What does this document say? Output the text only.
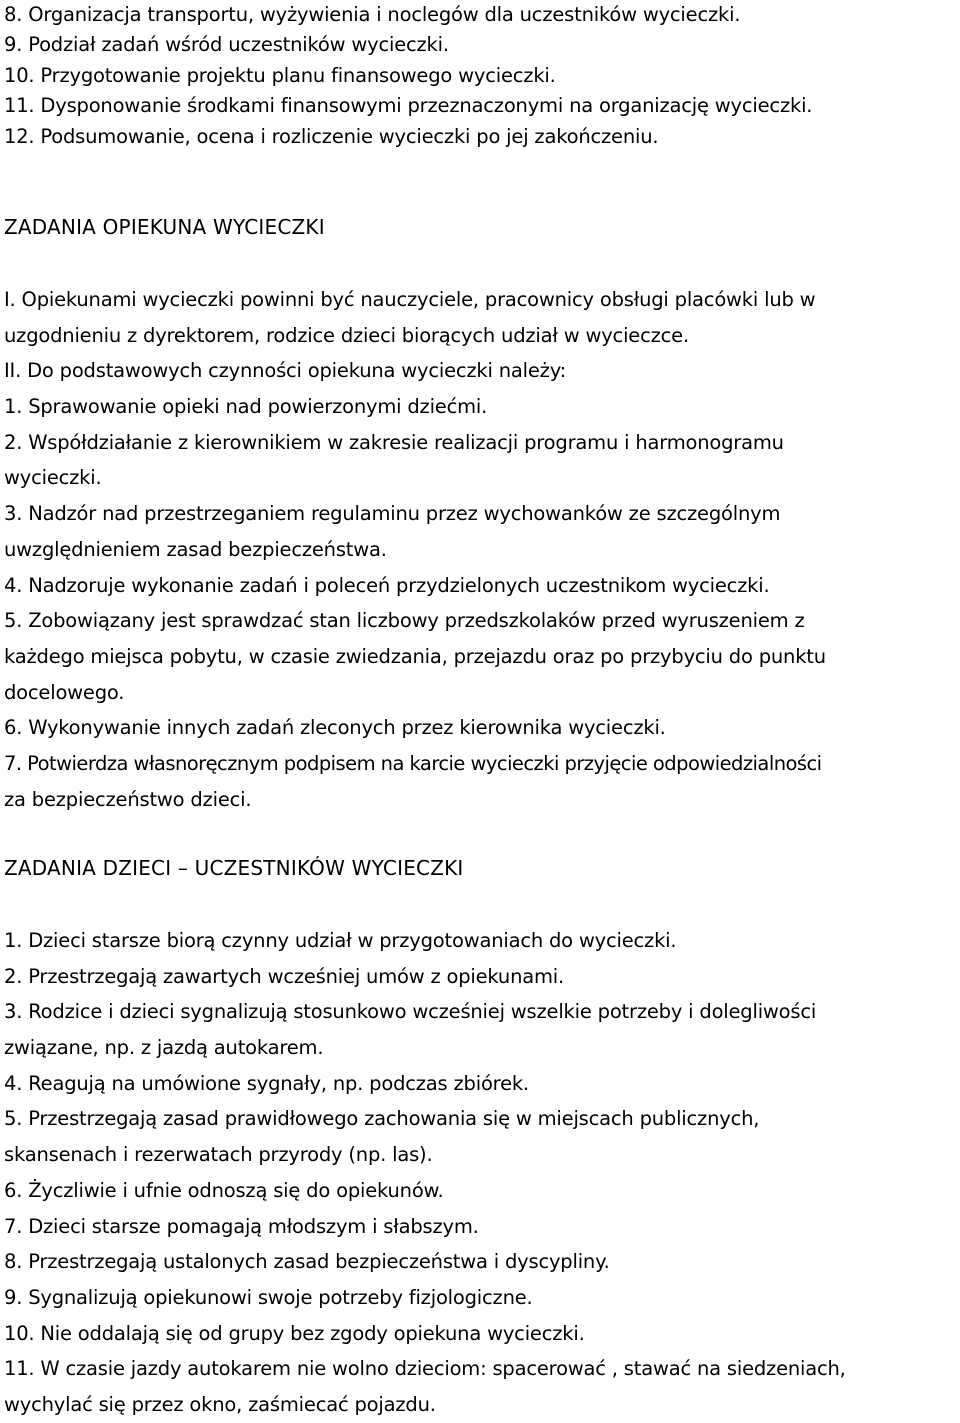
8. Organizacja transportu, wyżywienia i noclegów dla uczestników wycieczki.
9. Podział zadań wśród uczestników wycieczki.
10. Przygotowanie projektu planu finansowego wycieczki.
11. Dysponowanie środkami finansowymi przeznaczonymi na organizację wycieczki.
12. Podsumowanie, ocena i rozliczenie wycieczki po jej zakończeniu.
ZADANIA OPIEKUNA WYCIECZKI
I. Opiekunami wycieczki powinni być nauczyciele, pracownicy obsługi placówki lub w
uzgodnieniu z dyrektorem, rodzice dzieci biorących udział w wycieczce.
II. Do podstawowych czynności opiekuna wycieczki należy:
1. Sprawowanie opieki nad powierzonymi dziećmi.
2. Współdziałanie z kierownikiem w zakresie realizacji programu i harmonogramu
wycieczki.
3. Nadzór nad przestrzeganiem regulaminu przez wychowanków ze szczególnym
uwzględnieniem zasad bezpieczeństwa.
4. Nadzoruje wykonanie zadań i poleceń przydzielonych uczestnikom wycieczki.
5. Zobowiązany jest sprawdzać stan liczbowy przedszkolaków przed wyruszeniem z
każdego miejsca pobytu, w czasie zwiedzania, przejazdu oraz po przybyciu do punktu
docelowego.
6. Wykonywanie innych zadań zleconych przez kierownika wycieczki.
7. Potwierdza własnoręcznym podpisem na karcie wycieczki przyjęcie odpowiedzialności
za bezpieczeństwo dzieci.
ZADANIA DZIECI – UCZESTNIKÓW WYCIECZKI
1. Dzieci starsze biorą czynny udział w przygotowaniach do wycieczki.
2. Przestrzegają zawartych wcześniej umów z opiekunami.
3. Rodzice i dzieci sygnalizują stosunkowo wcześniej wszelkie potrzeby i dolegliwości
związane, np. z jazdą autokarem.
4. Reagują na umówione sygnały, np. podczas zbiórek.
5. Przestrzegają zasad prawidłowego zachowania się w miejscach publicznych,
skansenach i rezerwatach przyrody (np. las).
6. Życzliwie i ufnie odnoszą się do opiekunów.
7. Dzieci starsze pomagają młodszym i słabszym.
8. Przestrzegają ustalonych zasad bezpieczeństwa i dyscypliny.
9. Sygnalizują opiekunowi swoje potrzeby fizjologiczne.
10. Nie oddalają się od grupy bez zgody opiekuna wycieczki.
11. W czasie jazdy autokarem nie wolno dzieciom: spacerować , stawać na siedzeniach,
wychylać się przez okno, zaśmiecać pojazdu.
